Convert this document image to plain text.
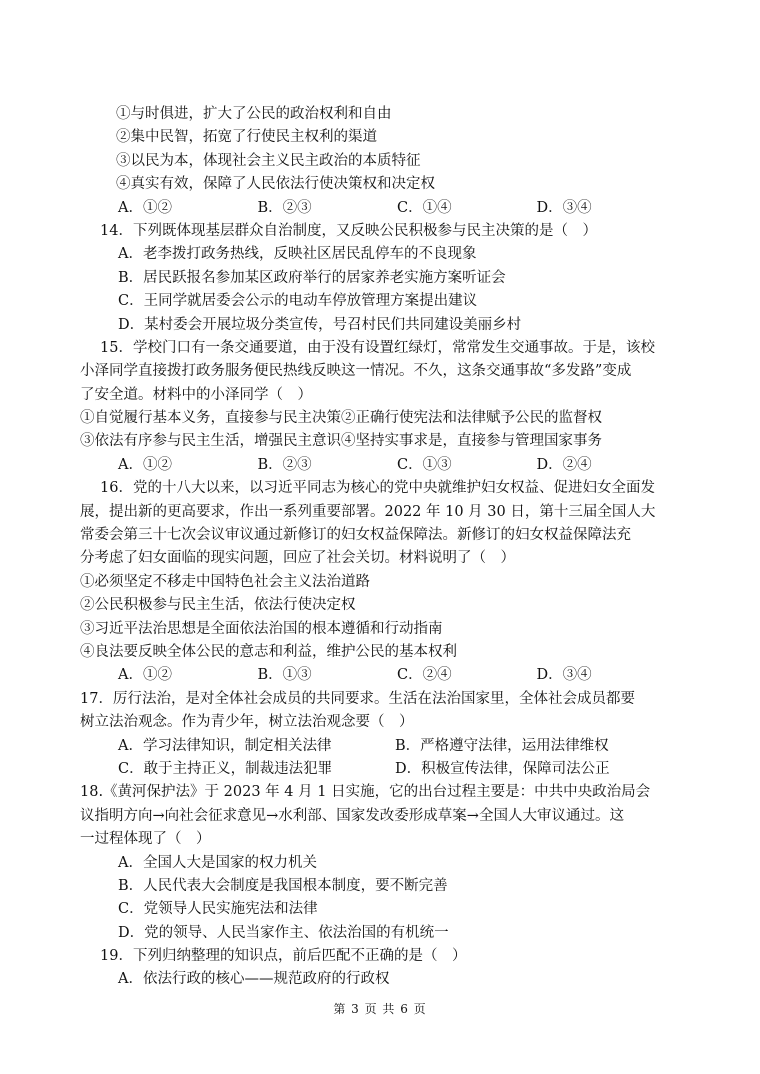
①与时俱进，扩大了公民的政治权利和自由
②集中民智，拓宽了行使民主权利的渠道
③以民为本，体现社会主义民主政治的本质特征
④真实有效，保障了人民依法行使决策权和决定权
A．①②	B．②③	C．①④	D．③④
14．下列既体现基层群众自治制度，又反映公民积极参与民主决策的是（　）
A．老李拨打政务热线，反映社区居民乱停车的不良现象
B．居民跃报名参加某区政府举行的居家养老实施方案听证会
C．王同学就居委会公示的电动车停放管理方案提出建议
D．某村委会开展垃圾分类宣传，号召村民们共同建设美丽乡村
15．学校门口有一条交通要道，由于没有设置红绿灯，常常发生交通事故。于是，该校
小泽同学直接拨打政务服务便民热线反映这一情况。不久，这条交通事故“多发路”变成
了安全道。材料中的小泽同学（　）
①自觉履行基本义务，直接参与民主决策②正确行使宪法和法律赋予公民的监督权
③依法有序参与民主生活，增强民主意识④坚持实事求是，直接参与管理国家事务
A．①②	B．②③	C．①③	D．②④
16．党的十八大以来，以习近平同志为核心的党中央就维护妇女权益、促进妇女全面发
展，提出新的更高要求，作出一系列重要部署。2022 年 10 月 30 日，第十三届全国人大
常委会第三十七次会议审议通过新修订的妇女权益保障法。新修订的妇女权益保障法充
分考虑了妇女面临的现实问题，回应了社会关切。材料说明了（　）
①必须坚定不移走中国特色社会主义法治道路
②公民积极参与民主生活，依法行使决定权
③习近平法治思想是全面依法治国的根本遵循和行动指南
④良法要反映全体公民的意志和利益，维护公民的基本权利
A．①②	B．①③	C．②④	D．③④
17．厉行法治，是对全体社会成员的共同要求。生活在法治国家里，全体社会成员都要
树立法治观念。作为青少年，树立法治观念要（　）
A．学习法律知识，制定相关法律	B．严格遵守法律，运用法律维权
C．敢于主持正义，制裁违法犯罪	D．积极宣传法律，保障司法公正
18.《黄河保护法》于 2023 年 4 月 1 日实施，它的出台过程主要是：中共中央政治局会
议指明方向→向社会征求意见→水利部、国家发改委形成草案→全国人大审议通过。这
一过程体现了（　）
A．全国人大是国家的权力机关
B．人民代表大会制度是我国根本制度，要不断完善
C．党领导人民实施宪法和法律
D．党的领导、人民当家作主、依法治国的有机统一
19．下列归纳整理的知识点，前后匹配不正确的是（　）
A．依法行政的核心——规范政府的行政权
第 3 页 共 6 页
